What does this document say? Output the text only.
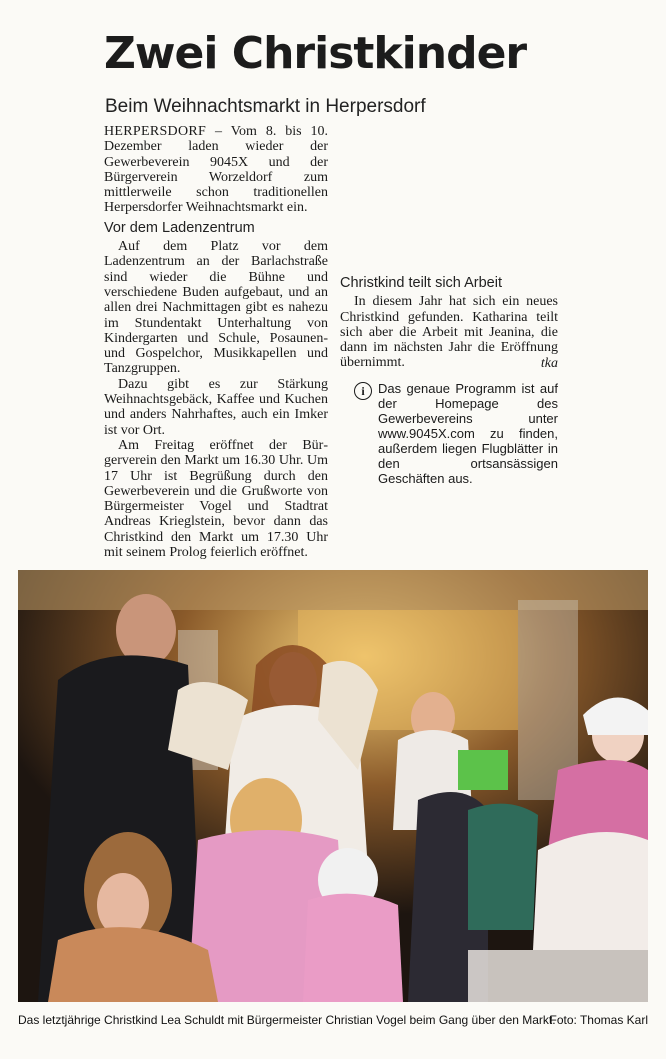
Zwei Christkinder
Beim Weihnachtsmarkt in Herpersdorf

HERPERSDORF – Vom 8. bis 10. Dezember laden wieder der Gewerbeverein 9045X und der Bürgerverein Worzeldorf zum mittlerweile schon traditionellen Herpersdorfer Weihnachtsmarkt ein.

Vor dem Ladenzentrum

Auf dem Platz vor dem Ladenzentrum an der Barlachstraße sind wieder die Bühne und verschiedene Buden aufgebaut, und an allen drei Nachmittagen gibt es nahezu im Stundentakt Unterhaltung von Kindergarten und Schule, Posaunen- und Gospelchor, Musikkapellen und Tanzgruppen.

Dazu gibt es zur Stärkung Weihnachtsgebäck, Kaffee und Kuchen und anders Nahrhaftes, auch ein Imker ist vor Ort.

Am Freitag eröffnet der Bürgerverein den Markt um 16.30 Uhr. Um 17 Uhr ist Begrüßung durch den Gewerbeverein und die Grußworte von Bürgermeister Vogel und Stadtrat Andreas Krieglstein, bevor dann das Christkind den Markt um 17.30 Uhr mit seinem Prolog feierlich eröffnet.

Christkind teilt sich Arbeit

In diesem Jahr hat sich ein neues Christkind gefunden. Katharina teilt sich aber die Arbeit mit Jeanina, die dann im nächsten Jahr die Eröffnung übernimmt.	tka
i	Das genaue Programm ist auf der Homepage des Gewerbevereins unter www.9045X.com zu finden, außerdem liegen Flugblätter in den ortsansässigen Geschäften aus.
Das letztjährige Christkind Lea Schuldt mit Bürgermeister Christian Vogel beim Gang über den Markt.
Foto: Thomas Karl
